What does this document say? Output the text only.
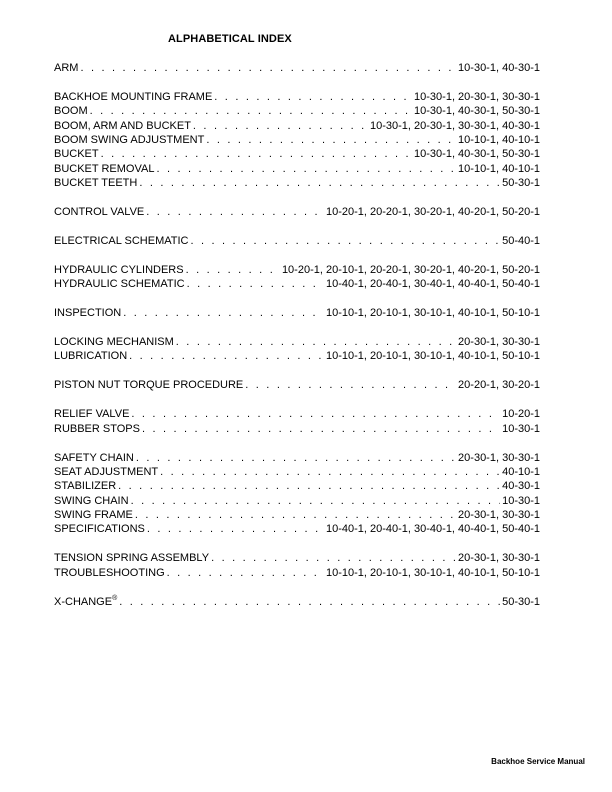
ALPHABETICAL INDEX
ARM . . .	10-30-1, 40-30-1
BACKHOE MOUNTING FRAME . . .	10-30-1, 20-30-1, 30-30-1
BOOM . . .	10-30-1, 40-30-1, 50-30-1
BOOM, ARM AND BUCKET . . .	10-30-1, 20-30-1, 30-30-1, 40-30-1
BOOM SWING ADJUSTMENT . . .	10-10-1, 40-10-1
BUCKET . . .	10-30-1, 40-30-1, 50-30-1
BUCKET REMOVAL . . .	10-10-1, 40-10-1
BUCKET TEETH . . .	50-30-1
CONTROL VALVE . . .	10-20-1, 20-20-1, 30-20-1, 40-20-1, 50-20-1
ELECTRICAL SCHEMATIC . . .	50-40-1
HYDRAULIC CYLINDERS . . .	10-20-1, 20-10-1, 20-20-1, 30-20-1, 40-20-1, 50-20-1
HYDRAULIC SCHEMATIC . . .	10-40-1, 20-40-1, 30-40-1, 40-40-1, 50-40-1
INSPECTION . . .	10-10-1, 20-10-1, 30-10-1, 40-10-1, 50-10-1
LOCKING MECHANISM . . .	20-30-1, 30-30-1
LUBRICATION . . .	10-10-1, 20-10-1, 30-10-1, 40-10-1, 50-10-1
PISTON NUT TORQUE PROCEDURE . . .	20-20-1, 30-20-1
RELIEF VALVE . . .	10-20-1
RUBBER STOPS . . .	10-30-1
SAFETY CHAIN . . .	20-30-1, 30-30-1
SEAT ADJUSTMENT . . .	40-10-1
STABILIZER . . .	40-30-1
SWING CHAIN . . .	10-30-1
SWING FRAME . . .	20-30-1, 30-30-1
SPECIFICATIONS . . .	10-40-1, 20-40-1, 30-40-1, 40-40-1, 50-40-1
TENSION SPRING ASSEMBLY . . .	20-30-1, 30-30-1
TROUBLESHOOTING . . .	10-10-1, 20-10-1, 30-10-1, 40-10-1, 50-10-1
X-CHANGE® . . .	50-30-1
Backhoe Service Manual
